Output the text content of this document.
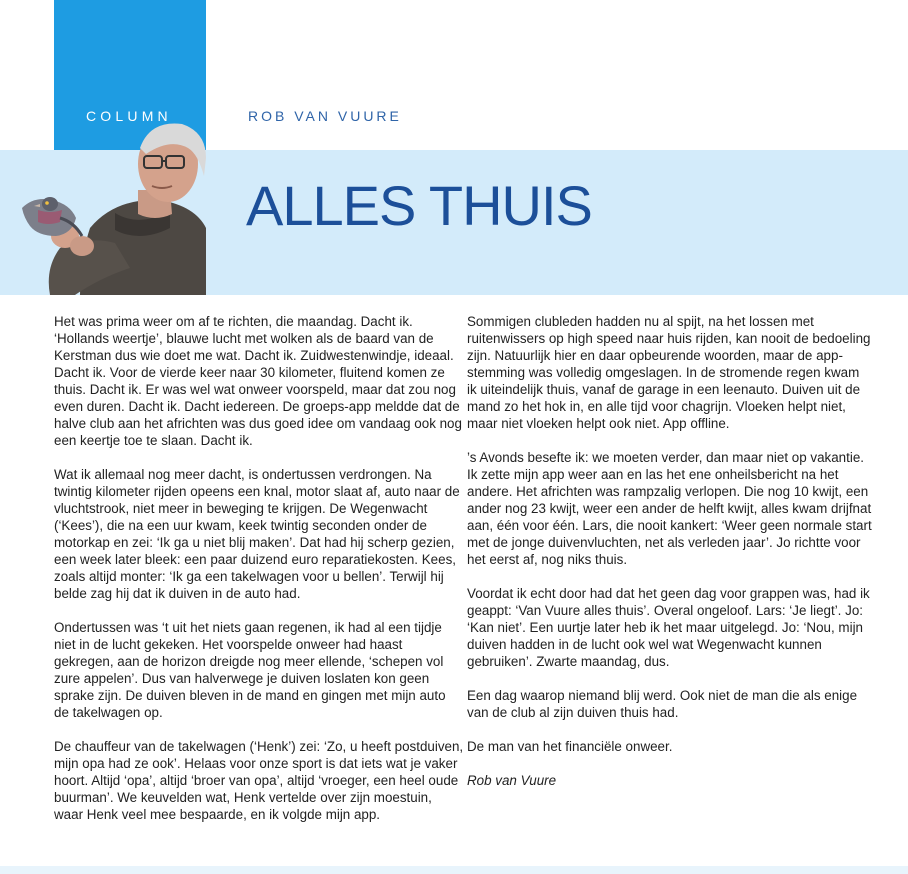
COLUMN	ROB VAN VUURE
ALLES THUIS

Het was prima weer om af te richten, die maandag. Dacht ik. ‘Hollands weertje’, blauwe lucht met wolken als de baard van de Kerstman dus wie doet me wat. Dacht ik. Zuidwestenwindje, ideaal. Dacht ik. Voor de vierde keer naar 30 kilometer, fluitend komen ze thuis. Dacht ik. Er was wel wat onweer voorspeld, maar dat zou nog even duren. Dacht ik. Dacht iedereen. De groeps-app meldde dat de halve club aan het africhten was dus goed idee om vandaag ook nog een keertje toe te slaan. Dacht ik.

Wat ik allemaal nog meer dacht, is ondertussen verdrongen. Na twintig kilometer rijden opeens een knal, motor slaat af, auto naar de vluchtstrook, niet meer in beweging te krijgen. De Wegenwacht (‘Kees’), die na een uur kwam, keek twintig seconden onder de motorkap en zei: ‘Ik ga u niet blij maken’. Dat had hij scherp gezien, een week later bleek: een paar duizend euro reparatiekosten. Kees, zoals altijd monter: ‘Ik ga een takelwagen voor u bellen’. Terwijl hij belde zag hij dat ik duiven in de auto had.

Ondertussen was ‘t uit het niets gaan regenen, ik had al een tijdje niet in de lucht gekeken. Het voorspelde onweer had haast gekregen, aan de horizon dreigde nog meer ellende, ‘schepen vol zure appelen’. Dus van halverwege je duiven loslaten kon geen sprake zijn. De duiven bleven in de mand en gingen met mijn auto de takelwagen op.

De chauffeur van de takelwagen (‘Henk’) zei: ‘Zo, u heeft postduiven, mijn opa had ze ook’. Helaas voor onze sport is dat iets wat je vaker hoort. Altijd ‘opa’, altijd ‘broer van opa’, altijd ‘vroeger, een heel oude buurman’. We keuvelden wat, Henk vertelde over zijn moestuin, waar Henk veel mee bespaarde, en ik volgde mijn app.

Sommigen clubleden hadden nu al spijt, na het lossen met ruitenwissers op high speed naar huis rijden, kan nooit de bedoeling zijn. Natuurlijk hier en daar opbeurende woorden, maar de app-stemming was volledig omgeslagen. In de stromende regen kwam ik uiteindelijk thuis, vanaf de garage in een leenauto. Duiven uit de mand zo het hok in, en alle tijd voor chagrijn. Vloeken helpt niet, maar niet vloeken helpt ook niet. App offline.

’s Avonds besefte ik: we moeten verder, dan maar niet op vakantie. Ik zette mijn app weer aan en las het ene onheilsbericht na het andere. Het africhten was rampzalig verlopen. Die nog 10 kwijt, een ander nog 23 kwijt, weer een ander de helft kwijt, alles kwam drijfnat aan, één voor één. Lars, die nooit kankert: ‘Weer geen normale start met de jonge duivenvluchten, net als verleden jaar’. Jo richtte voor het eerst af, nog niks thuis.

Voordat ik echt door had dat het geen dag voor grappen was, had ik geappt: ‘Van Vuure alles thuis’. Overal ongeloof. Lars: ‘Je liegt’. Jo: ‘Kan niet’. Een uurtje later heb ik het maar uitgelegd. Jo: ‘Nou, mijn duiven hadden in de lucht ook wel wat Wegenwacht kunnen gebruiken’. Zwarte maandag, dus.

Een dag waarop niemand blij werd. Ook niet de man die als enige van de club al zijn duiven thuis had.

De man van het financiële onweer.

Rob van Vuure
